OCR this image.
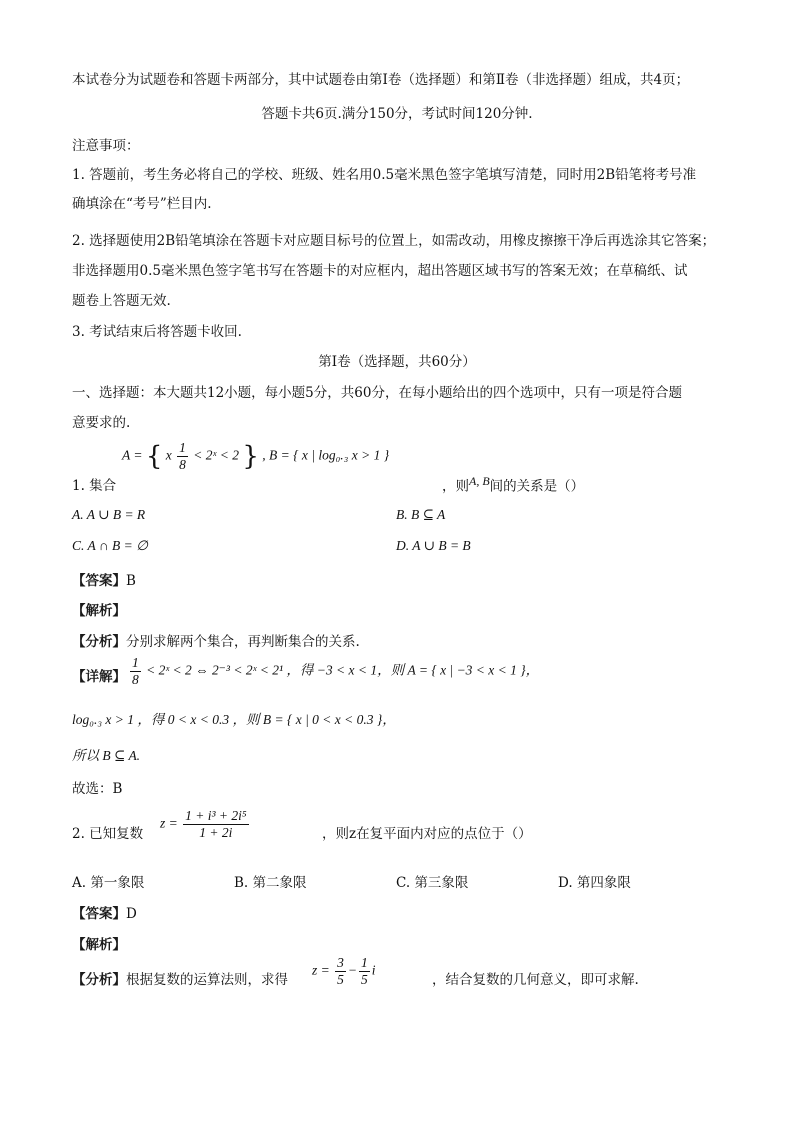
本试卷分为试题卷和答题卡两部分，其中试题卷由第Ⅰ卷（选择题）和第Ⅱ卷（非选择题）组成，共4页；
答题卡共6页.满分150分，考试时间120分钟.
注意事项：
1. 答题前，考生务必将自己的学校、班级、姓名用0.5毫米黑色签字笔填写清楚，同时用2B铅笔将考号准
确填涂在“考号”栏目内.
2. 选择题使用2B铅笔填涂在答题卡对应题目标号的位置上，如需改动，用橡皮擦擦干净后再选涂其它答案；
非选择题用0.5毫米黑色签字笔书写在答题卡的对应框内，超出答题区域书写的答案无效；在草稿纸、试
题卷上答题无效.
3. 考试结束后将答题卡收回.
第Ⅰ卷（选择题，共60分）
一、选择题：本大题共12小题，每小题5分，共60分，在每小题给出的四个选项中，只有一项是符合题
意要求的.
1. 集合
A = { x $\frac{1}{8}$ < 2ˣ < 2 } , B = { x | log₀.₃ x > 1 }
，则$^{A, B}$间的关系是（）
A. A ∪ B = R	B. B ⊆ A
C. A ∩ B = ∅	D. A ∪ B = B
【答案】B
【解析】
【分析】分别求解两个集合，再判断集合的关系.
【详解】 $\frac{1}{8}$ < 2ˣ < 2 ⇔ 2⁻³ < 2ˣ < 2¹ ，得 −3 < x < 1，则 A = { x | −3 < x < 1 }，
log₀.₃ x > 1 ，得 0 < x < 0.3 ，则 B = { x | 0 < x < 0.3 }，
所以 B ⊆ A.
故选：B
2. 已知复数
$z = \frac{\text{1 + i³ + 2i⁵}}{1 + 2i}$	，则z在复平面内对应的点位于（）
A. 第一象限	B. 第二象限	C. 第三象限	D. 第四象限
【答案】D
【解析】
【分析】根据复数的运算法则，求得
$z = \frac{3}{5} - \frac{1}{5}$ i
，结合复数的几何意义，即可求解.
